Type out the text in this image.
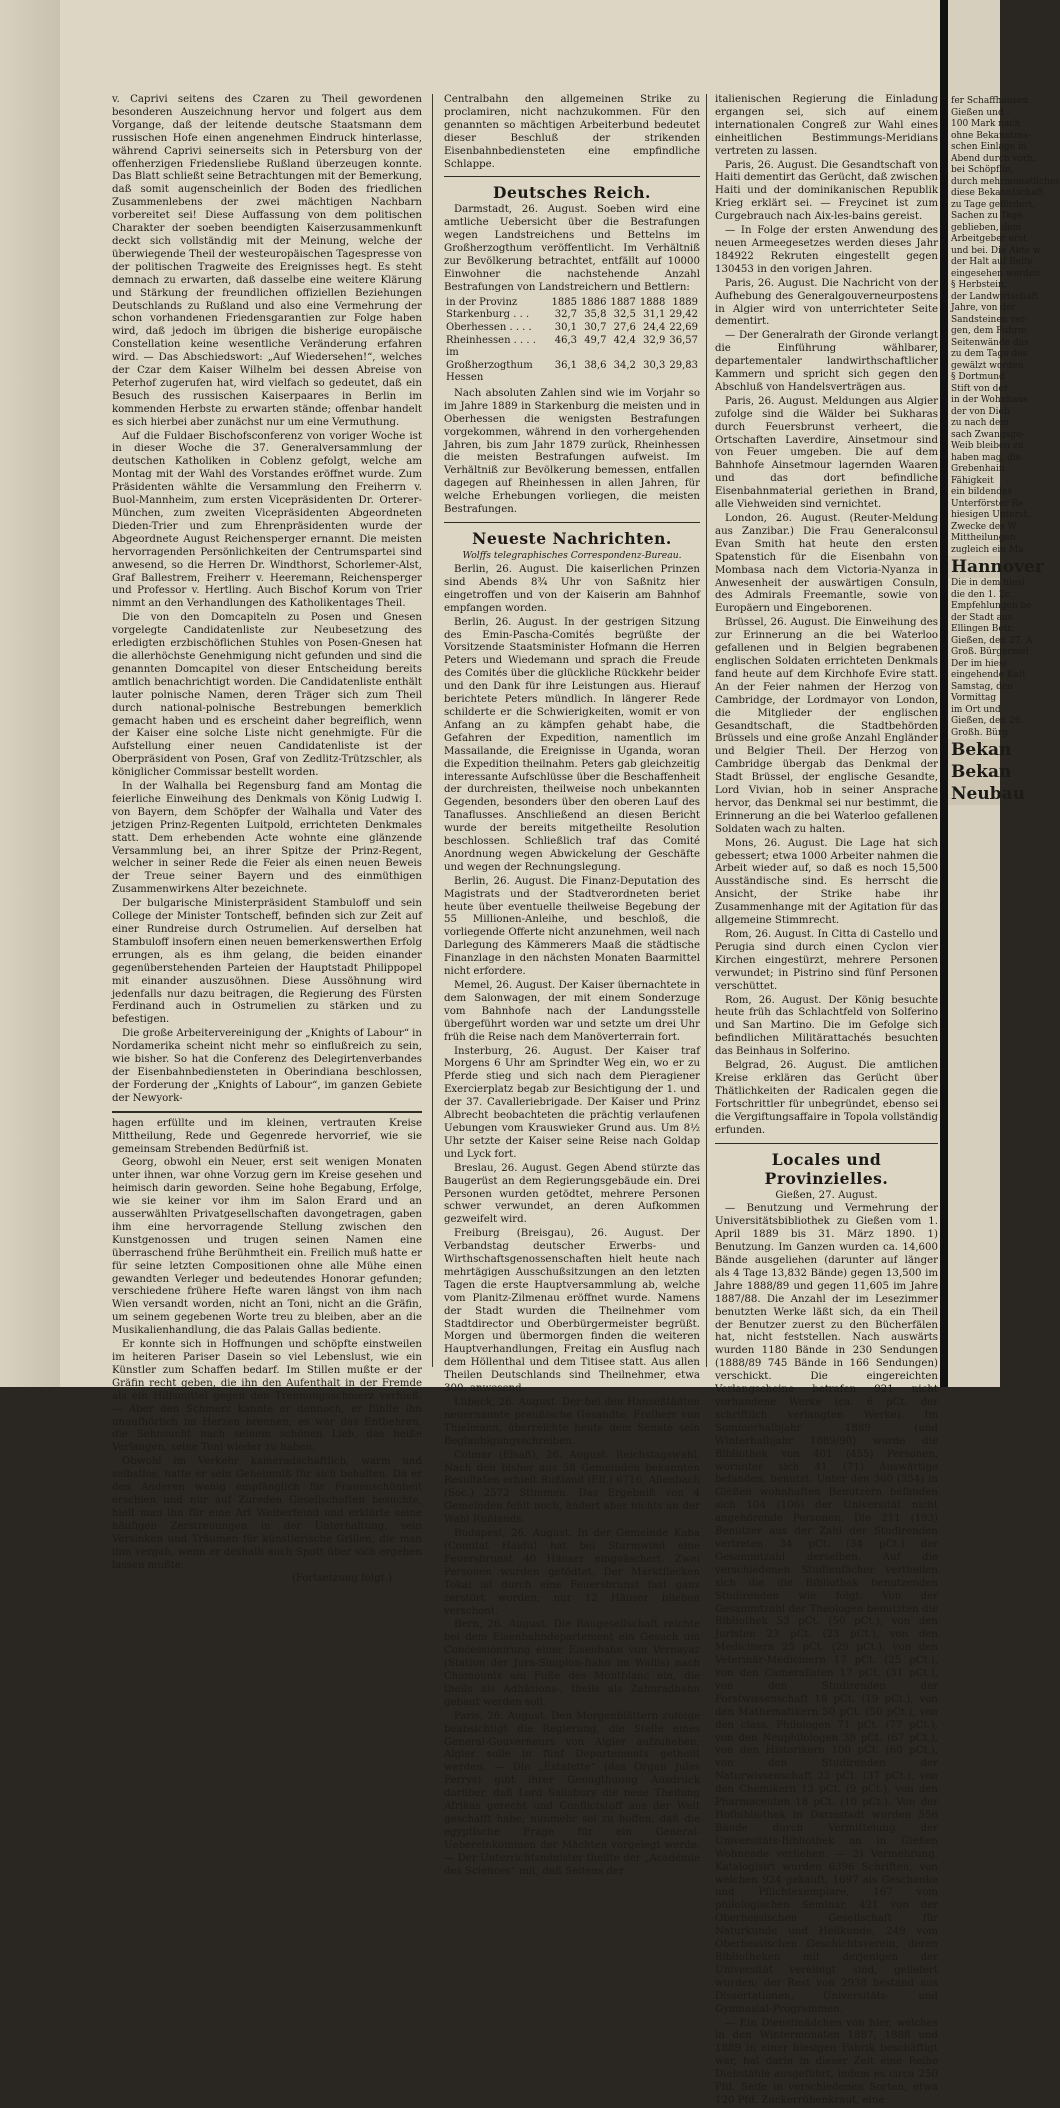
v. Caprivi seitens des Czaren zu Theil gewordenen besonderen Auszeichnung hervor und folgert aus dem Vorgange, daß der leitende deutsche Staatsmann dem russischen Hofe einen angenehmen Eindruck hinterlasse, während Caprivi seinerseits sich in Petersburg von der offenherzigen Friedensliebe Rußland überzeugen konnte. Das Blatt schließt seine Betrachtungen mit der Bemerkung, daß somit augenscheinlich der Boden des friedlichen Zusammenlebens der zwei mächtigen Nachbarn vorbereitet sei! Diese Auffassung von dem politischen Charakter der soeben beendigten Kaiserzusammenkunft deckt sich vollständig mit der Meinung, welche der überwiegende Theil der westeuropäischen Tagespresse von der politischen Tragweite des Ereignisses hegt. Es steht demnach zu erwarten, daß dasselbe eine weitere Klärung und Stärkung der freundlichen offiziellen Beziehungen Deutschlands zu Rußland und also eine Vermehrung der schon vorhandenen Friedensgarantien zur Folge haben wird, daß jedoch im übrigen die bisherige europäische Constellation keine wesentliche Veränderung erfahren wird. — Das Abschiedswort: „Auf Wiedersehen!“, welches der Czar dem Kaiser Wilhelm bei dessen Abreise von Peterhof zugerufen hat, wird vielfach so gedeutet, daß ein Besuch des russischen Kaiserpaares in Berlin im kommenden Herbste zu erwarten stände; offenbar handelt es sich hierbei aber zunächst nur um eine Vermuthung.

Auf die Fuldaer Bischofsconferenz von voriger Woche ist in dieser Woche die 37. Generalversammlung der deutschen Katholiken in Coblenz gefolgt, welche am Montag mit der Wahl des Vorstandes eröffnet wurde. Zum Präsidenten wählte die Versammlung den Freiherrn v. Buol-Mannheim, zum ersten Vicepräsidenten Dr. Orterer-München, zum zweiten Vicepräsidenten Abgeordneten Dieden-Trier und zum Ehrenpräsidenten wurde der Abgeordnete August Reichensperger ernannt. Die meisten hervorragenden Persönlichkeiten der Centrumspartei sind anwesend, so die Herren Dr. Windthorst, Schorlemer-Alst, Graf Ballestrem, Freiherr v. Heeremann, Reichensperger und Professor v. Hertling. Auch Bischof Korum von Trier nimmt an den Verhandlungen des Katholikentages Theil.

Die von den Domcapiteln zu Posen und Gnesen vorgelegte Candidatenliste zur Neubesetzung des erledigten erzbischöflichen Stuhles von Posen-Gnesen hat die allerhöchste Genehmigung nicht gefunden und sind die genannten Domcapitel von dieser Entscheidung bereits amtlich benachrichtigt worden. Die Candidatenliste enthält lauter polnische Namen, deren Träger sich zum Theil durch national-polnische Bestrebungen bemerklich gemacht haben und es erscheint daher begreiflich, wenn der Kaiser eine solche Liste nicht genehmigte. Für die Aufstellung einer neuen Candidatenliste ist der Oberpräsident von Posen, Graf von Zedlitz-Trützschler, als königlicher Commissar bestellt worden.

In der Walhalla bei Regensburg fand am Montag die feierliche Einweihung des Denkmals von König Ludwig I. von Bayern, dem Schöpfer der Walhalla und Vater des jetzigen Prinz-Regenten Luitpold, errichteten Denkmales statt. Dem erhebenden Acte wohnte eine glänzende Versammlung bei, an ihrer Spitze der Prinz-Regent, welcher in seiner Rede die Feier als einen neuen Beweis der Treue seiner Bayern und des einmüthigen Zusammenwirkens Alter bezeichnete.

Der bulgarische Ministerpräsident Stambuloff und sein College der Minister Tontscheff, befinden sich zur Zeit auf einer Rundreise durch Ostrumelien. Auf derselben hat Stambuloff insofern einen neuen bemerkenswerthen Erfolg errungen, als es ihm gelang, die beiden einander gegenüberstehenden Parteien der Hauptstadt Philippopel mit einander auszusöhnen. Diese Aussöhnung wird jedenfalls nur dazu beitragen, die Regierung des Fürsten Ferdinand auch in Ostrumelien zu stärken und zu befestigen.

Die große Arbeitervereinigung der „Knights of Labour“ in Nordamerika scheint nicht mehr so einflußreich zu sein, wie bisher. So hat die Conferenz des Delegirtenverbandes der Eisenbahnbediensteten in Oberindiana beschlossen, der Forderung der „Knights of Labour“, im ganzen Gebiete der Newyork-

hagen erfüllte und im kleinen, vertrauten Kreise Mittheilung, Rede und Gegenrede hervorrief, wie sie gemeinsam Strebenden Bedürfniß ist.

Georg, obwohl ein Neuer, erst seit wenigen Monaten unter ihnen, war ohne Vorzug gern im Kreise gesehen und heimisch darin geworden. Seine hohe Begabung, Erfolge, wie sie keiner vor ihm im Salon Erard und an ausserwählten Privatgesellschaften davongetragen, gaben ihm eine hervorragende Stellung zwischen den Kunstgenossen und trugen seinen Namen eine überraschend frühe Berühmtheit ein. Freilich muß hatte er für seine letzten Compositionen ohne alle Mühe einen gewandten Verleger und bedeutendes Honorar gefunden; verschiedene frühere Hefte waren längst von ihm nach Wien versandt worden, nicht an Toni, nicht an die Gräfin, um seinem gegebenen Worte treu zu bleiben, aber an die Musikalienhandlung, die das Palais Gallas bediente.

Er konnte sich in Hoffnungen und schöpfte einstweilen im heiteren Pariser Dasein so viel Lebenslust, wie ein Künstler zum Schaffen bedarf. Im Stillen mußte er der Gräfin recht geben, die ihn den Aufenthalt in der Fremde als ein Hilfsmittel gegen den Trennungsschmerz verhieß. — Aber den Schmerz kannte er dennoch, er fühlte ihn unaufhörlich im Herzen brennen; es war das Entbehren, die Sehnsucht nach seinem schönen Lieb, das heiße Verlangen, seine Toni wieder zu haben.

Obwohl im Verkehr kameradschaftlich, warm und selbstlos, hatte er sein Geheimniß für sich behalten. Da er den Anderen wenig empfänglich für Frauenschönheit erschien und nur auf Zureden Gesellschaften besuchte, hielt man ihn für eine Art Weiberfeind und erklärte seine häufigen Zerstreuungen in der Unterhaltung, sein Versinken und Träumen für künstlerische Grillen, die man ihm vergab, wenn er deshalb auch Spott über sich ergehen lassen mußte.

(Fortsetzung folgt.)

Centralbahn den allgemeinen Strike zu proclamiren, nicht nachzukommen. Für den genannten so mächtigen Arbeiterbund bedeutet dieser Beschluß der strikenden Eisenbahnbediensteten eine empfindliche Schlappe.

Deutsches Reich.

Darmstadt, 26. August. Soeben wird eine amtliche Uebersicht über die Bestrafungen wegen Landstreichens und Bettelns im Großherzogthum veröffentlicht. Im Verhältniß zur Bevölkerung betrachtet, entfällt auf 10000 Einwohner die nachstehende Anzahl Bestrafungen von Landstreichern und Bettlern:

in der Provinz	1885	1886	1887	1888	1889
Starkenburg . . .	32,7	35,8	32,5	31,1	29,42
Oberhessen . . . .	30,1	30,7	27,6	24,4	22,69
Rheinhessen . . . .	46,3	49,7	42,4	32,9	36,57
im Großherzogthum Hessen	36,1	38,6	34,2	30,3	29,83

Nach absoluten Zahlen sind wie im Vorjahr so im Jahre 1889 in Starkenburg die meisten und in Oberhessen die wenigsten Bestrafungen vorgekommen, während in den vorhergehenden Jahren, bis zum Jahr 1879 zurück, Rheinhessen die meisten Bestrafungen aufweist. Im Verhältniß zur Bevölkerung bemessen, entfallen dagegen auf Rheinhessen in allen Jahren, für welche Erhebungen vorliegen, die meisten Bestrafungen.

Neueste Nachrichten.
Wolffs telegraphisches Correspondenz-Bureau.

Berlin, 26. August. Die kaiserlichen Prinzen sind Abends 8¾ Uhr von Saßnitz hier eingetroffen und von der Kaiserin am Bahnhof empfangen worden.

Berlin, 26. August. In der gestrigen Sitzung des Emin-Pascha-Comités begrüßte der Vorsitzende Staatsminister Hofmann die Herren Peters und Wiedemann und sprach die Freude des Comités über die glückliche Rückkehr beider und den Dank für ihre Leistungen aus. Hierauf berichtete Peters mündlich. In längerer Rede schilderte er die Schwierigkeiten, womit er von Anfang an zu kämpfen gehabt habe, die Gefahren der Expedition, namentlich im Massailande, die Ereignisse in Uganda, woran die Expedition theilnahm. Peters gab gleichzeitig interessante Aufschlüsse über die Beschaffenheit der durchreisten, theilweise noch unbekannten Gegenden, besonders über den oberen Lauf des Tanaflusses. Anschließend an diesen Bericht wurde der bereits mitgetheilte Resolution beschlossen. Schließlich traf das Comité Anordnung wegen Abwickelung der Geschäfte und wegen der Rechnungslegung.

Berlin, 26. August. Die Finanz-Deputation des Magistrats und der Stadtverordneten beriet heute über eventuelle theilweise Begebung der 55 Millionen-Anleihe, und beschloß, die vorliegende Offerte nicht anzunehmen, weil nach Darlegung des Kämmerers Maaß die städtische Finanzlage in den nächsten Monaten Baarmittel nicht erfordere.

Memel, 26. August. Der Kaiser übernachtete in dem Salonwagen, der mit einem Sonderzuge vom Bahnhofe nach der Landungsstelle übergeführt worden war und setzte um drei Uhr früh die Reise nach dem Manöverterrain fort.

Insterburg, 26. August. Der Kaiser traf Morgens 6 Uhr am Sprindter Weg ein, wo er zu Pferde stieg und sich nach dem Pieragiener Exercierplatz begab zur Besichtigung der 1. und der 37. Cavalleriebrigade. Der Kaiser und Prinz Albrecht beobachteten die prächtig verlaufenen Uebungen vom Krauswieker Grund aus. Um 8½ Uhr setzte der Kaiser seine Reise nach Goldap und Lyck fort.

Breslau, 26. August. Gegen Abend stürzte das Baugerüst an dem Regierungsgebäude ein. Drei Personen wurden getödtet, mehrere Personen schwer verwundet, an deren Aufkommen gezweifelt wird.

Freiburg (Breisgau), 26. August. Der Verbandstag deutscher Erwerbs- und Wirthschaftsgenossenschaften hielt heute nach mehrtägigen Ausschußsitzungen an den letzten Tagen die erste Hauptversammlung ab, welche vom Planitz-Zilmenau eröffnet wurde. Namens der Stadt wurden die Theilnehmer vom Stadtdirector und Oberbürgermeister begrüßt. Morgen und übermorgen finden die weiteren Hauptverhandlungen, Freitag ein Ausflug nach dem Höllenthal und dem Titisee statt. Aus allen Theilen Deutschlands sind Theilnehmer, etwa 300, anwesend.

Lübeck, 26. August. Der bei den Hanseßtädten neuernannte preußische Gesandte, Freiherr von Thielmann, überreichte heute dem Senate sein Beglaubigungsschreiben.

Colmar (Elsaß), 26. August. Reichstagswahl. Nach den bisher aus 58 Gemeinden bekannten Resultaten erhielt Rußland (Elf.) 6716, Allenbach (Soc.) 2572 Stimmen. Das Ergebniß von 4 Gemeinden fehlt noch, ändert aber nichts an der Wahl Rußlands.

Budapest, 26. August. In der Gemeinde Kaba (Comitat Haidu) hat bei Sturmwind eine Feuersbrunst 40 Häuser eingeäschert. Zwei Personen wurden getödtet. Der Marktflecken Tokai ist durch eine Feuersbrunst fast ganz zerstört worden; nur 12 Häuser blieben verschont.

Bern, 26. August. Die Baugesellschaft reichte bei dem Eisenbahndepartement ein Gesuch um Concessionirung einer Eisenbahn von Vernayaz (Station der Jura-Simplon-Bahn im Wallis) nach Chamounix am Fuße des Montblanc ein, die theils als Adhäsions-, theils als Zahnradbahn gebaut werden soll.

Paris, 26. August. Den Morgenblättern zufolge beabsichtigt die Regierung, die Stelle eines General-Gouverneurs von Algier aufzuheben; Algier solle in fünf Departements getheilt werden. — Die „Estafette“ (das Organ Jules Ferrys) gibt ihrer Genugthuung Ausdruck darüber, daß Lord Salisbury die neue Theilung Afrikas gerecht und Conflictstoff aus der Welt geschafft habe; nunmehr sei zu hoffen, daß die egyptische Frage für ein General-Uebereinkommen der Mächten vorgelegt werde. — Der Unterrichtsminister theilte der „Académie des Sciences“ mit, daß Seitens der

italienischen Regierung die Einladung ergangen sei, sich auf einem internationalen Congreß zur Wahl eines einheitlichen Bestimmungs-Meridians vertreten zu lassen.

Paris, 26. August. Die Gesandtschaft von Haiti dementirt das Gerücht, daß zwischen Haiti und der dominikanischen Republik Krieg erklärt sei. — Freycinet ist zum Curgebrauch nach Aix-les-bains gereist.

— In Folge der ersten Anwendung des neuen Armeegesetzes werden dieses Jahr 184922 Rekruten eingestellt gegen 130453 in den vorigen Jahren.

Paris, 26. August. Die Nachricht von der Aufhebung des Generalgouverneurpostens in Algier wird von unterrichteter Seite dementirt.

— Der Generalrath der Gironde verlangt die Einführung wählbarer, departementaler landwirthschaftlicher Kammern und spricht sich gegen den Abschluß von Handelsverträgen aus.

Paris, 26. August. Meldungen aus Algier zufolge sind die Wälder bei Sukharas durch Feuersbrunst verheert, die Ortschaften Laverdire, Ainsetmour sind von Feuer umgeben. Die auf dem Bahnhofe Ainsetmour lagernden Waaren und das dort befindliche Eisenbahnmaterial geriethen in Brand, alle Viehweiden sind vernichtet.

London, 26. August. (Reuter-Meldung aus Zanzibar.) Die Frau Generalconsul Evan Smith hat heute den ersten Spatenstich für die Eisenbahn von Mombasa nach dem Victoria-Nyanza in Anwesenheit der auswärtigen Consuln, des Admirals Freemantle, sowie von Europäern und Eingeborenen.

Brüssel, 26. August. Die Einweihung des zur Erinnerung an die bei Waterloo gefallenen und in Belgien begrabenen englischen Soldaten errichteten Denkmals fand heute auf dem Kirchhofe Evire statt. An der Feier nahmen der Herzog von Cambridge, der Lordmayor von London, die Mitglieder der englischen Gesandtschaft, die Stadtbehörden Brüssels und eine große Anzahl Engländer und Belgier Theil. Der Herzog von Cambridge übergab das Denkmal der Stadt Brüssel, der englische Gesandte, Lord Vivian, hob in seiner Ansprache hervor, das Denkmal sei nur bestimmt, die Erinnerung an die bei Waterloo gefallenen Soldaten wach zu halten.

Mons, 26. August. Die Lage hat sich gebessert; etwa 1000 Arbeiter nahmen die Arbeit wieder auf, so daß es noch 15,500 Ausständische sind. Es herrscht die Ansicht, der Strike habe ihr Zusammenhange mit der Agitation für das allgemeine Stimmrecht.

Rom, 26. August. In Citta di Castello und Perugia sind durch einen Cyclon vier Kirchen eingestürzt, mehrere Personen verwundet; in Pistrino sind fünf Personen verschüttet.

Rom, 26. August. Der König besuchte heute früh das Schlachtfeld von Solferino und San Martino. Die im Gefolge sich befindlichen Militärattachés besuchten das Beinhaus in Solferino.

Belgrad, 26. August. Die amtlichen Kreise erklären das Gerücht über Thätlichkeiten der Radicalen gegen die Fortschrittler für unbegründet, ebenso sei die Vergiftungsaffaire in Topola vollständig erfunden.

Locales und Provinzielles.

Gießen, 27. August.

— Benutzung und Vermehrung der Universitätsbibliothek zu Gießen vom 1. April 1889 bis 31. März 1890. 1) Benutzung. Im Ganzen wurden ca. 14,600 Bände ausgeliehen (darunter auf länger als 4 Tage 13,832 Bände) gegen 13,500 im Jahre 1888/89 und gegen 11,605 im Jahre 1887/88. Die Anzahl der im Lesezimmer benutzten Werke läßt sich, da ein Theil der Benutzer zuerst zu den Bücherfälen hat, nicht feststellen. Nach auswärts wurden 1180 Bände in 230 Sendungen (1888/89 745 Bände in 166 Sendungen) verschickt. Die eingereichten Verlangscheine betrafen 921 nicht vorhandene Werke (ca. 6 pCt. der schriftlich verlangten Werke). Im Sommerhalbjahr 1889 (und Winterhalbjahr 1889/90) wurde die Bibliothek von 401 (455) Personen, worunter sich 41 (71) Auswärtige befanden, benutzt. Unter den 360 (354) in Gießen wohnhaften Benutzern befanden sich 104 (106) der Universität nicht angehörende Personen. Die 211 (193) Benutzer aus der Zahl der Studirenden vertreten 34 pCt. (34 pCt.) der Gesammtzahl derselben. Auf die verschiedenen Studienfächer vertheilen sich die die Bibliothek benutzenden Studirenden wie folgt: Von der Gesammtzahl der Theologen benutzten die Bibliothek 53 pCt. (50 pCt.), von den Juristen 23 pCt. (23 pCt.), von den Medicinern 25 pCt. (29 pCt.), von den Veterinär-Medicinern 17 pCt. (25 pCt.), von den Cameralisten 17 pCt. (31 pCt.), von den Studirenden der Forstwissenschaft 18 pCt. (19 pCt.), von den Mathematikern 50 pCt. (50 pCt.), von den class. Philologen 71 pCt. (77 pCt.), von den Neuphilologen 39 pCt. (67 pCt.), von den Historikern 100 pCt. (60 pCt.), von den Studirenden der Naturwissenschaft 22 pCt. (37 pCt.), von den Chemikern 13 pCt. (9 pCt.), von den Pharmaceuten 18 pCt. (10 pCt.). Von der Hofbibliothek in Darmstadt wurden 556 Bände durch Vermittelung der Universitäts-Bibliothek an in Gießen Wohnende verliehen. — 2) Vermehrung. Katalogisirt wurden 6396 Schriften, von welchen 924 gekauft, 1697 als Geschenke und Pflichtexemplare, 167 vom philologischen Seminar, 421 von der Oberhessischen Gesellschaft für Naturkunde und Heilkunde, 249 vom Oberhessischen Geschichtsverein, deren Bibliotheken mit derjenigen der Universität vereinigt sind, geliefert wurden; der Rest von 2938 bestand aus Dissertationen, Universitäts- und Gymnasial-Programmen.

— Ein Dienstmädchen von hier, welches in den Wintermonaten 1887, 1888 und 1889 in einer hiesigen Fabrik beschäftigt war, hat darin in dieser Zeit eine Reihe Diebstähle ausgeführt, indem es circa 250 Pfd. Seife in verschiedenen Sorten, etwa 120 Pfd. Zuckerrübenkraut, eine

fer Schaffhausen
Gießen und
100 Mark nach
ohne Bekanntma-
schen Einlage in
Abend durch vorh.
bei Schöpflin,
durch mehrmonatliches
diese Bekanntschaft
zu Tage gefördert,
Sachen zu Tage.
geblieben, dem
Arbeitgeber erst
und bei. Die Akte w
der Halt auf Beife
eingesehen werden
§ Herbstein,
der Landwirtschaft
Jahre, von der
Sandsteinen ver-
gen, dem Fuhrm
Seitenwände das
zu dem Tage des
gewälzt worden
§ Dortmund
Stift von der
in der Wohnhaus
der von Dieb
zu nach dem
sach Zwangsge-
Weib bleiben zu
haben mag, die
Grebenhain
Fähigkeit
ein bildendes
Unterförster Re
hiesigen Unterst.
Zwecke des W
Mittheilungen
zugleich ein Ma
Hannover
Die in dem hiesi
die den 1. 2c.
Empfehlungen be
der Stadt aus
Ellingen Betr.
Gießen, den 27. A
Groß. Bürgermei
Der im hiesi
eingehende Kalt
Samstag, den
Vormittag
im Ort und
Gießen, den 26.
Großh. Bürg
Bekan
Bekan
Neubau
